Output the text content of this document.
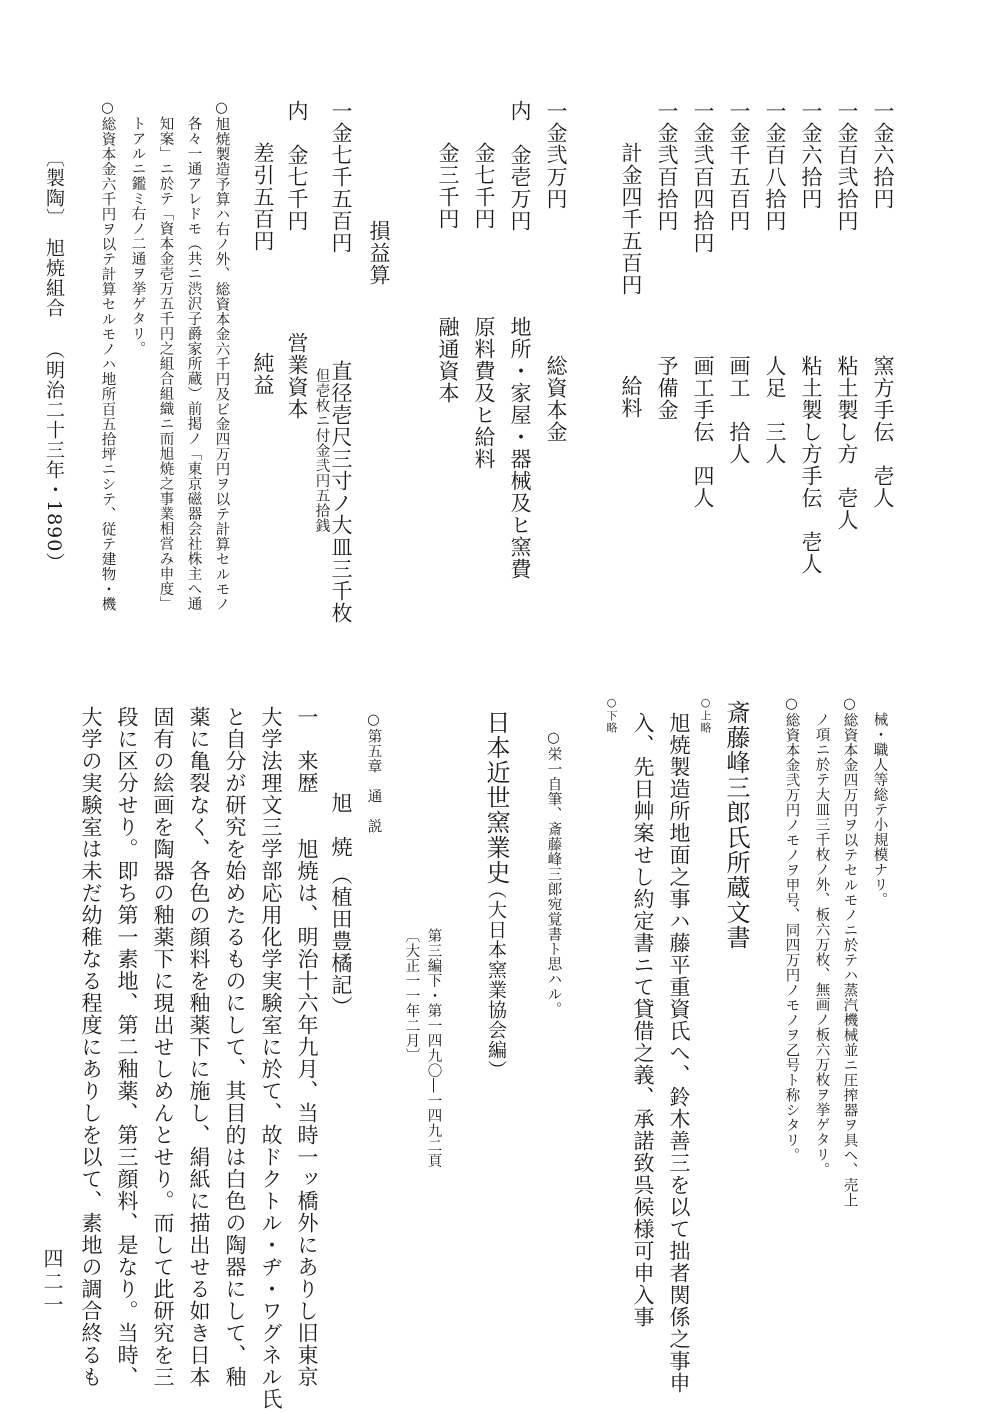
一金六拾円
一金百弐拾円
一金六拾円
一金百八拾円
一金千五百円
一金弐百四拾円
一金弐百拾円
計金四千五百円
窯方手伝　壱人
粘土製し方　壱人
粘土製し方手伝　壱人
人足　三人
画工　拾人
画工手伝　四人
予備金
給料
一金弐万円
内　金壱万円
金七千円
金三千円
総資本金
地所・家屋・器械及ヒ窯費
原料費及ヒ給料
融通資本
損益算
一金七千五百円
直径壱尺三寸ノ大皿三千枚
但壱枚ニ付金弐円五拾銭
内　金七千円
営業資本
差引五百円
純益
○旭焼製造予算ハ右ノ外、総資本金六千円及ビ金四万円ヲ以テ計算セルモノ
各々一通アレドモ（共ニ渋沢子爵家所蔵）前掲ノ「東京磁器会社株主へ通
知案」ニ於テ「資本金壱万五千円之組合組織ニ而旭焼之事業相営み申度」
トアルニ鑑ミ右ノ二通ヲ挙ゲタリ。
○総資本金六千円ヲ以テ計算セルモノハ地所百五拾坪ニシテ、従テ建物・機
〔製陶〕
旭焼組合
（明治二十三年・1890）
械・職人等総テ小規模ナリ。
○総資本金四万円ヲ以テセルモノニ於テハ蒸汽機械並ニ圧搾器ヲ具ヘ、売上
ノ項ニ於テ大皿三千枚ノ外、板六万枚、無画ノ板六万枚ヲ挙ゲタリ。
○総資本金弐万円ノモノヲ甲号、同四万円ノモノヲ乙号ト称シタリ。
斎藤峰三郎氏所蔵文書
○上略
旭焼製造所地面之事ハ藤平重資氏へ、鈴木善三を以て拙者関係之事申
入、先日艸案せし約定書ニて貸借之義、承諾致呉候様可申入事
○下略
○栄一自筆、斎藤峰三郎宛覚書ト思ハル。
日本近世窯業史
（大日本窯業協会編）
第三編下・第一四九〇―一四九二頁
〔大正一一年二月〕
○第五章　通　説
旭　焼
（植田豊橘記）
一　来歴　　旭焼は、明治十六年九月、当時一ッ橋外にありし旧東京
大学法理文三学部応用化学実験室に於て、故ドクトル・ヂ・ワグネル氏
と自分が研究を始めたるものにして、其目的は白色の陶器にして、釉
薬に亀裂なく、各色の顔料を釉薬下に施し、絹紙に描出せる如き日本
固有の絵画を陶器の釉薬下に現出せしめんとせり。而して此研究を三
段に区分せり。即ち第一素地、第二釉薬、第三顔料、是なり。当時、
大学の実験室は未だ幼稚なる程度にありしを以て、素地の調合終るも
四二一
